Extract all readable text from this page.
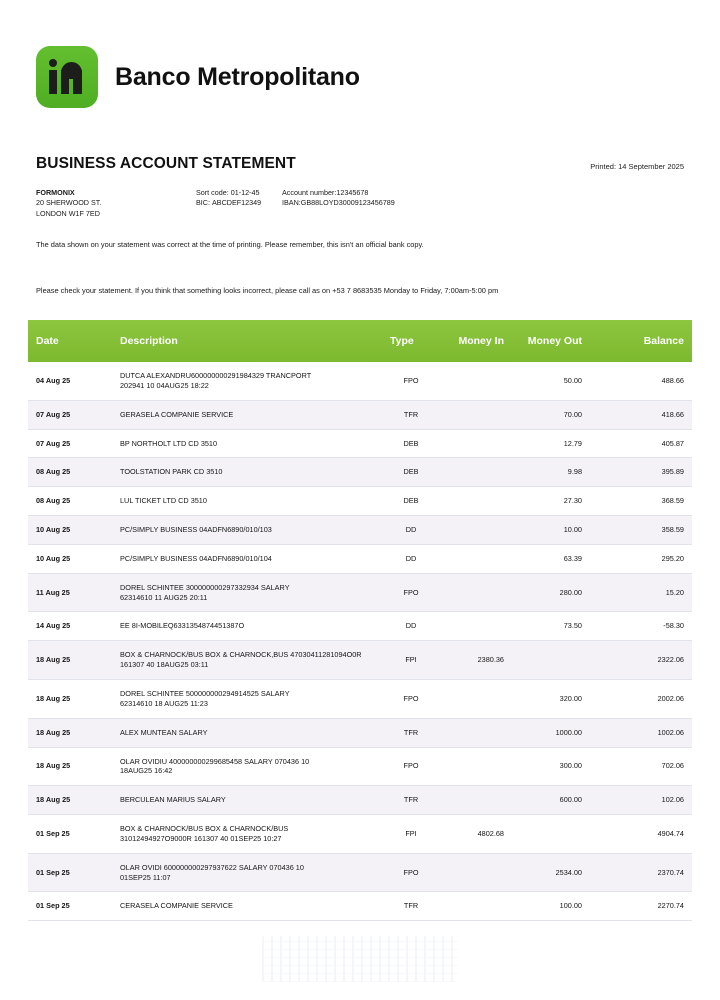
Banco Metropolitano
BUSINESS ACCOUNT STATEMENT	Printed: 14 September 2025
FORMONIX
20 SHERWOOD ST.
LONDON W1F 7ED
Sort code: 01-12-45	Account number:12345678
BIC: ABCDEF12349	IBAN:GB88LOYD30009123456789
The data shown on your statement was correct at the time of printing. Please remember, this isn't an official bank copy.
Please check your statement. If you think that something looks incorrect, please call as on +53 7 8683535 Monday to Friday, 7:00am-5:00 pm
Date	Description	Type	Money In	Money Out	Balance
04 Aug 25	DUTCA ALEXANDRU600000000291984329 TRANCPORT
202941 10 04AUG25 18:22	FPO		50.00	488.66
07 Aug 25	GERASELA COMPANIE SERVICE	TFR		70.00	418.66
07 Aug 25	BP NORTHOLT LTD CD 3510	DEB		12.79	405.87
08 Aug 25	TOOLSTATION PARK CD 3510	DEB		9.98	395.89
08 Aug 25	LUL TICKET LTD CD 3510	DEB		27.30	368.59
10 Aug 25	PC/SIMPLY BUSINESS 04ADFN6890/010/103	DD		10.00	358.59
10 Aug 25	PC/SIMPLY BUSINESS 04ADFN6890/010/104	DD		63.39	295.20
11 Aug 25	DOREL SCHINTEE 300000000297332934 SALARY
62314610 11 AUG25 20:11	FPO		280.00	15.20
14 Aug 25	EE 8I-MOBILEQ6331354874451387O	DD		73.50	-58.30
18 Aug 25	BOX & CHARNOCK/BUS BOX & CHARNOCK,BUS 47030411281094O0R
161307 40 18AUG25 03:11	FPI	2380.36		2322.06
18 Aug 25	DOREL SCHINTEE 500000000294914525 SALARY
62314610 18 AUG25 11:23	FPO		320.00	2002.06
18 Aug 25	ALEX MUNTEAN SALARY	TFR		1000.00	1002.06
18 Aug 25	OLAR OVIDIU 400000000299685458 SALARY 070436 10
18AUG25 16:42	FPO		300.00	702.06
18 Aug 25	BERCULEAN MARIUS SALARY	TFR		600.00	102.06
01 Sep 25	BOX & CHARNOCK/BUS BOX & CHARNOCK/BUS
31012494927O9000R 161307 40 01SEP25 10:27	FPI	4802.68		4904.74
01 Sep 25	OLAR OVIDI 600000000297937622 SALARY 070436 10
01SEP25 11:07	FPO		2534.00	2370.74
01 Sep 25	CERASELA COMPANIE SERVICE	TFR		100.00	2270.74
